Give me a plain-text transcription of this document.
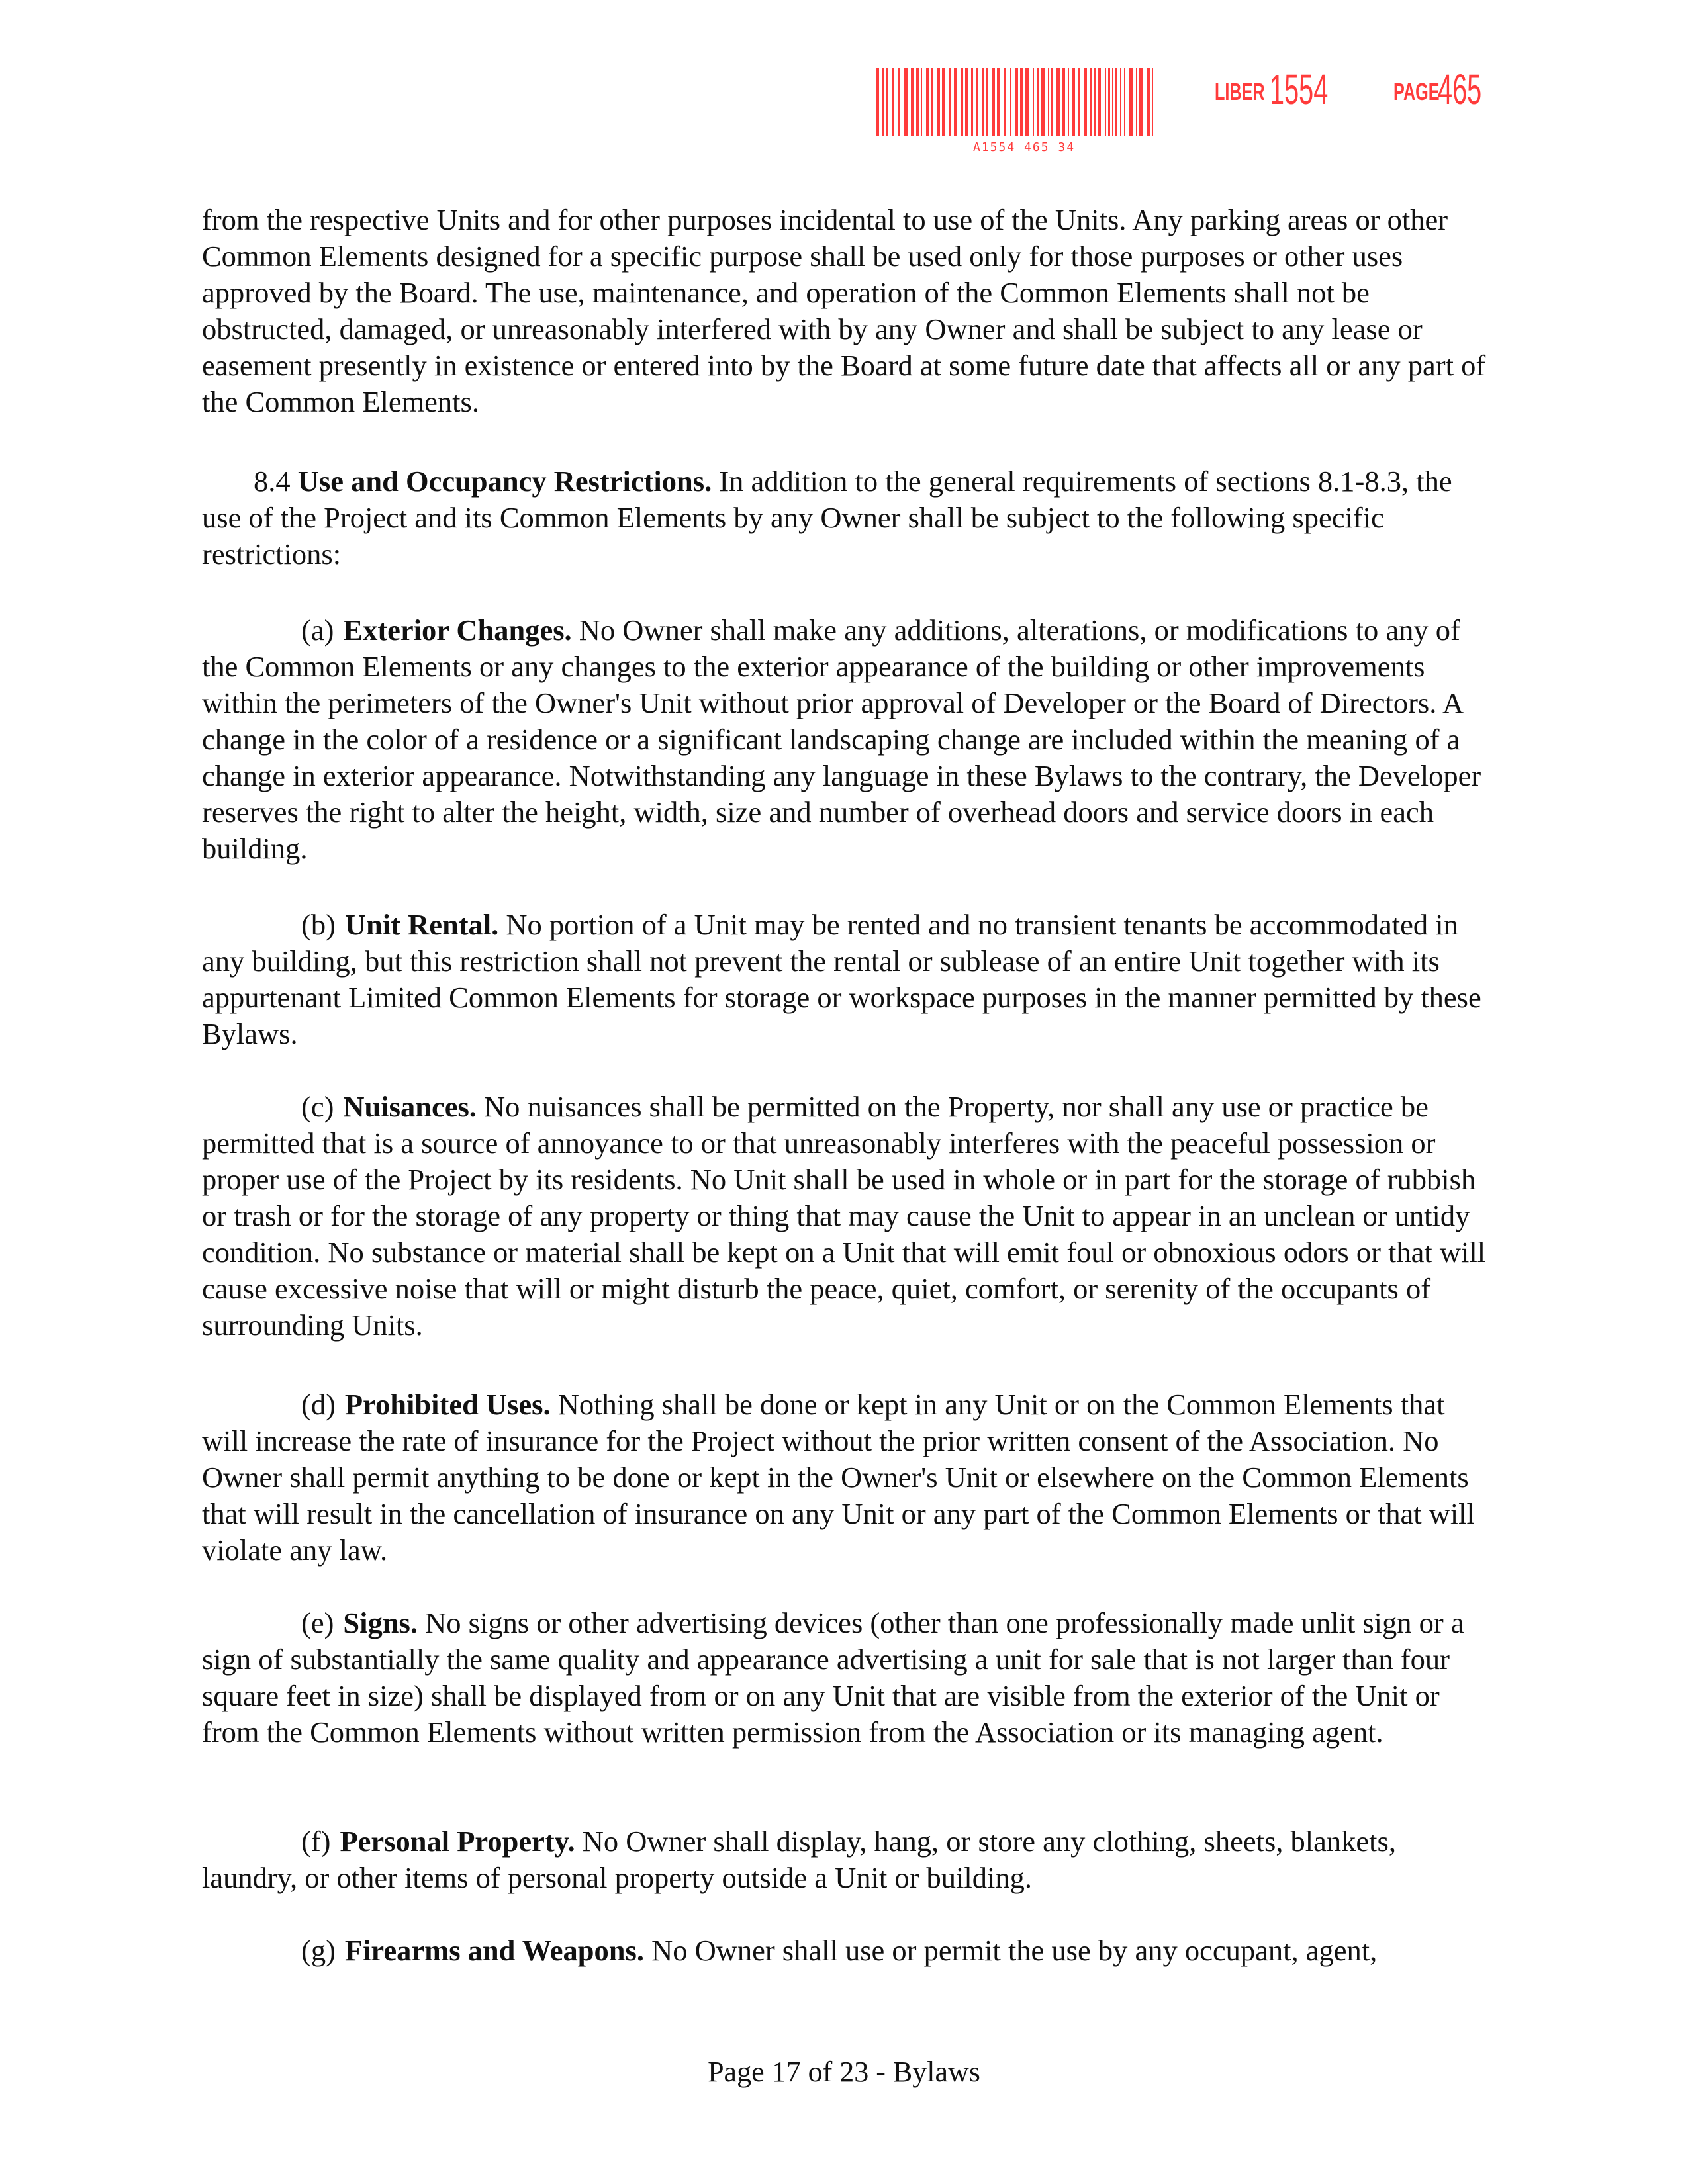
A1554 465 34
LIBER 1554	PAGE
465

from the respective Units and for other purposes incidental to use of the Units. Any parking areas or other Common Elements designed for a specific purpose shall be used only for those purposes or other uses approved by the Board. The use, maintenance, and operation of the Common Elements shall not be obstructed, damaged, or unreasonably interfered with by any Owner and shall be subject to any lease or easement presently in existence or entered into by the Board at some future date that affects all or any part of the Common Elements.

8.4 Use and Occupancy Restrictions. In addition to the general requirements of sections 8.1-8.3, the use of the Project and its Common Elements by any Owner shall be subject to the following specific restrictions:

(a) Exterior Changes. No Owner shall make any additions, alterations, or modifications to any of the Common Elements or any changes to the exterior appearance of the building or other improvements within the perimeters of the Owner's Unit without prior approval of Developer or the Board of Directors. A change in the color of a residence or a significant landscaping change are included within the meaning of a change in exterior appearance. Notwithstanding any language in these Bylaws to the contrary, the Developer reserves the right to alter the height, width, size and number of overhead doors and service doors in each building.

(b) Unit Rental. No portion of a Unit may be rented and no transient tenants be accommodated in any building, but this restriction shall not prevent the rental or sublease of an entire Unit together with its appurtenant Limited Common Elements for storage or workspace purposes in the manner permitted by these Bylaws.

(c) Nuisances. No nuisances shall be permitted on the Property, nor shall any use or practice be permitted that is a source of annoyance to or that unreasonably interferes with the peaceful possession or proper use of the Project by its residents. No Unit shall be used in whole or in part for the storage of rubbish or trash or for the storage of any property or thing that may cause the Unit to appear in an unclean or untidy condition. No substance or material shall be kept on a Unit that will emit foul or obnoxious odors or that will cause excessive noise that will or might disturb the peace, quiet, comfort, or serenity of the occupants of surrounding Units.

(d) Prohibited Uses. Nothing shall be done or kept in any Unit or on the Common Elements that will increase the rate of insurance for the Project without the prior written consent of the Association. No Owner shall permit anything to be done or kept in the Owner's Unit or elsewhere on the Common Elements that will result in the cancellation of insurance on any Unit or any part of the Common Elements or that will violate any law.

(e) Signs. No signs or other advertising devices (other than one professionally made unlit sign or a sign of substantially the same quality and appearance advertising a unit for sale that is not larger than four square feet in size) shall be displayed from or on any Unit that are visible from the exterior of the Unit or from the Common Elements without written permission from the Association or its managing agent.

(f) Personal Property. No Owner shall display, hang, or store any clothing, sheets, blankets, laundry, or other items of personal property outside a Unit or building.

(g) Firearms and Weapons. No Owner shall use or permit the use by any occupant, agent,

Page 17 of 23 - Bylaws
